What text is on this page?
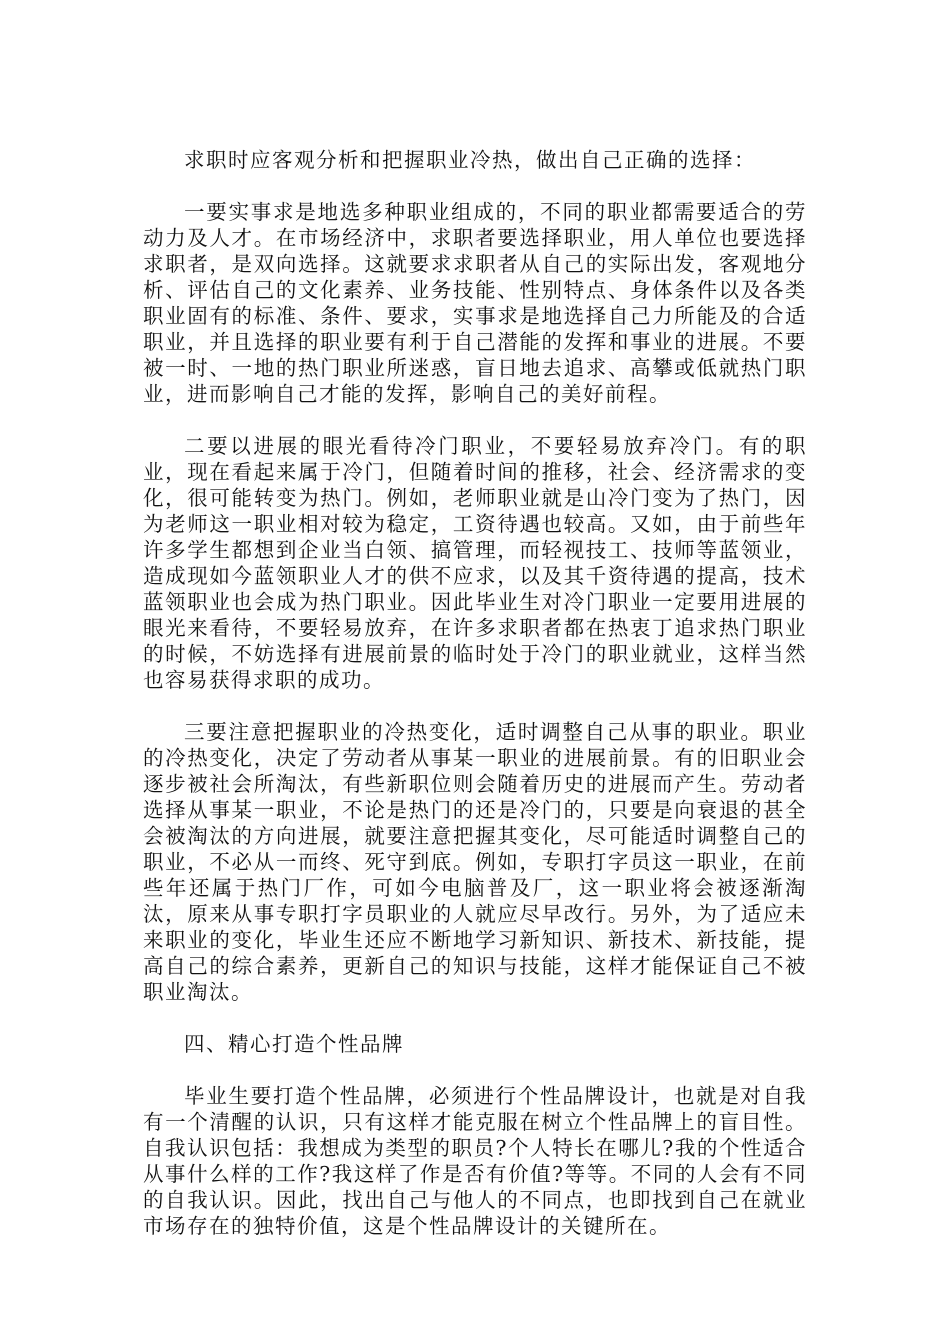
求职时应客观分析和把握职业冷热，做出自己正确的选择：

一要实事求是地选多种职业组成的，不同的职业都需要适合的劳动力及人才。在市场经济中，求职者要选择职业，用人单位也要选择求职者，是双向选择。这就要求求职者从自己的实际出发，客观地分析、评估自己的文化素养、业务技能、性别特点、身体条件以及各类职业固有的标准、条件、要求，实事求是地选择自己力所能及的合适职业，并且选择的职业要有利于自己潜能的发挥和事业的进展。不要被一时、一地的热门职业所迷惑，盲日地去追求、高攀或低就热门职业，进而影响自己才能的发挥，影响自己的美好前程。

二要以进展的眼光看待冷门职业，不要轻易放弃冷门。有的职业，现在看起来属于冷门，但随着时间的推移，社会、经济需求的变化，很可能转变为热门。例如，老师职业就是山冷门变为了热门，因为老师这一职业相对较为稳定，工资待遇也较高。又如，由于前些年许多学生都想到企业当白领、搞管理，而轻视技工、技师等蓝领业，造成现如今蓝领职业人才的供不应求，以及其千资待遇的提高，技术蓝领职业也会成为热门职业。因此毕业生对冷门职业一定要用进展的眼光来看待，不要轻易放弃，在许多求职者都在热衷丁追求热门职业的时候，不妨选择有进展前景的临时处于冷门的职业就业，这样当然也容易获得求职的成功。

三要注意把握职业的冷热变化，适时调整自己从事的职业。职业的冷热变化，决定了劳动者从事某一职业的进展前景。有的旧职业会逐步被社会所淘汰，有些新职位则会随着历史的进展而产生。劳动者选择从事某一职业，不论是热门的还是冷门的，只要是向衰退的甚全会被淘汰的方向进展，就要注意把握其变化，尽可能适时调整自己的职业，不必从一而终、死守到底。例如，专职打字员这一职业，在前些年还属于热门厂作，可如今电脑普及厂，这一职业将会被逐渐淘汰，原来从事专职打字员职业的人就应尽早改行。另外，为了适应未来职业的变化，毕业生还应不断地学习新知识、新技术、新技能，提高自己的综合素养，更新自己的知识与技能，这样才能保证自己不被职业淘汰。

四、精心打造个性品牌

毕业生要打造个性品牌，必须进行个性品牌设计，也就是对自我有一个清醒的认识，只有这样才能克服在树立个性品牌上的盲目性。自我认识包括：我想成为类型的职员?个人特长在哪儿?我的个性适合从事什么样的工作?我这样了作是否有价值?等等。不同的人会有不同的自我认识。因此，找出自己与他人的不同点，也即找到自己在就业市场存在的独特价值，这是个性品牌设计的关键所在。
